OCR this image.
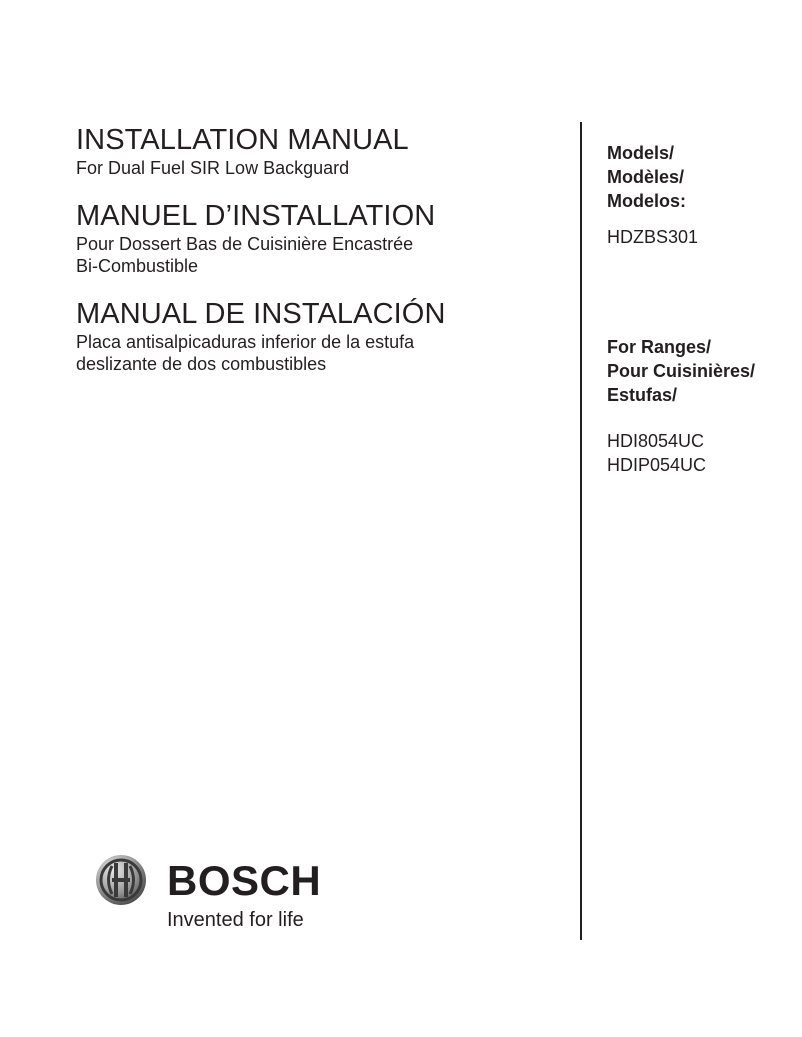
INSTALLATION MANUAL

For Dual Fuel SIR Low Backguard

MANUEL D’INSTALLATION

Pour Dossert Bas de Cuisinière Encastrée

Bi-Combustible

MANUAL DE INSTALACIÓN

Placa antisalpicaduras inferior de la estufa

deslizante de dos combustibles

Models/

Modèles/

Modelos:

HDZBS301

For Ranges/

Pour Cuisinières/

Estufas/

HDI8054UC

HDIP054UC

BOSCH
Invented for life
